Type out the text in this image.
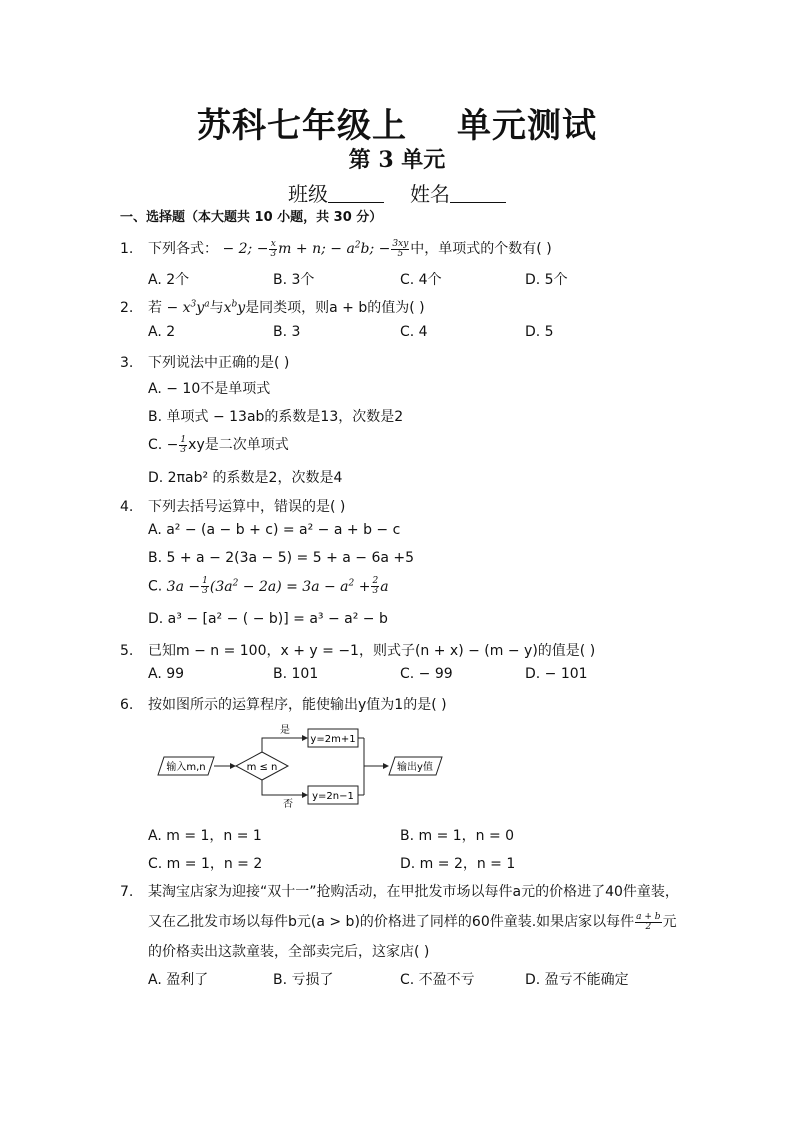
苏科七年级上 单元测试
第 3 单元
班级	姓名
一、选择题（本大题共 10 小题，共 30 分）
1. 下列各式： − 2; − $\frac{x}{3}$ m + n; − $a^2b$; − $\frac{3xy}{5}$ 中，单项式的个数有( )
A. 2个	B. 3个	C. 4个	D. 5个
2. 若 − $x^3y^a$与$x^by$是同类项，则a + b的值为( )
A. 2	B. 3	C. 4	D. 5
3. 下列说法中正确的是( )
A. − 10不是单项式
B. 单项式 − 13ab的系数是13，次数是2
C. − $\frac{1}{3}$ xy是二次单项式
D. 2πab² 的系数是2，次数是4
4. 下列去括号运算中，错误的是( )
A. a² − (a − b + c) = a² − a + b − c
B. 5 + a − 2(3a − 5) = 5 + a − 6a +5
C. $3a - \frac{1}{3} (3a^2 - 2a) = 3a - a^2 + \frac{2}{3}$ a
D. a³ − [a² − ( − b)] = a³ − a² − b
5. 已知m − n = 100，x + y = −1，则式子(n + x) − (m − y)的值是( )
A. 99	B. 101	C. − 99	D. − 101
6. 按如图所示的运算程序，能使输出y值为1的是( )
输入m,n	m ≤ n
是
y=2m+1
否
y=2n−1
输出y值
A. m = 1，n = 1	B. m = 1，n = 0
C. m = 1，n = 2	D. m = 2，n = 1
7. 某淘宝店家为迎接“双十一”抢购活动，在甲批发市场以每件a元的价格进了40件童装，
又在乙批发市场以每件b元(a > b)的价格进了同样的60件童装.如果店家以每件 $\frac{a + b}{2}$ 元
的价格卖出这款童装，全部卖完后，这家店( )
A. 盈利了	B. 亏损了	C. 不盈不亏	D. 盈亏不能确定
